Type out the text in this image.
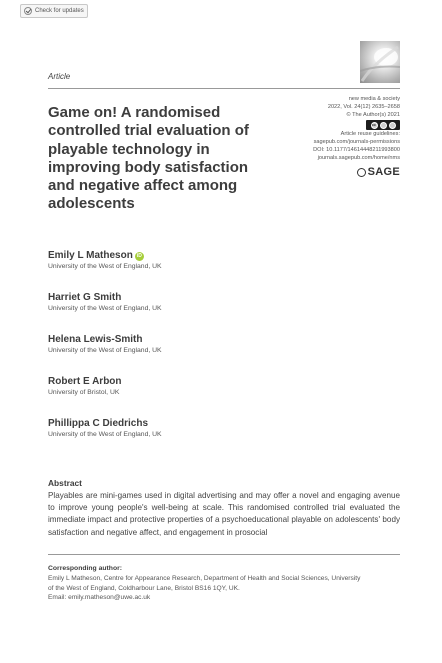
Check for updates
Article
Game on! A randomised controlled trial evaluation of playable technology in improving body satisfaction and negative affect among adolescents
new media & society
2022, Vol. 24(12) 2635–2658
© The Author(s) 2021
cc
Article reuse guidelines:
sagepub.com/journals-permissions
DOI: 10.1177/14614448211993800
journals.sagepub.com/home/nms
SAGE
Emily L Matheson iD
University of the West of England, UK
Harriet G Smith
University of the West of England, UK
Helena Lewis-Smith
University of the West of England, UK
Robert E Arbon
University of Bristol, UK
Phillippa C Diedrichs
University of the West of England, UK
Abstract

Playables are mini-games used in digital advertising and may offer a novel and engaging avenue to improve young people's well-being at scale. This randomised controlled trial evaluated the immediate impact and protective properties of a psychoeducational playable on adolescents' body satisfaction and negative affect, and engagement in prosocial

Corresponding author:
Emily L Matheson, Centre for Appearance Research, Department of Health and Social Sciences, University
of the West of England, Coldharbour Lane, Bristol BS16 1QY, UK.
Email: emily.matheson@uwe.ac.uk
